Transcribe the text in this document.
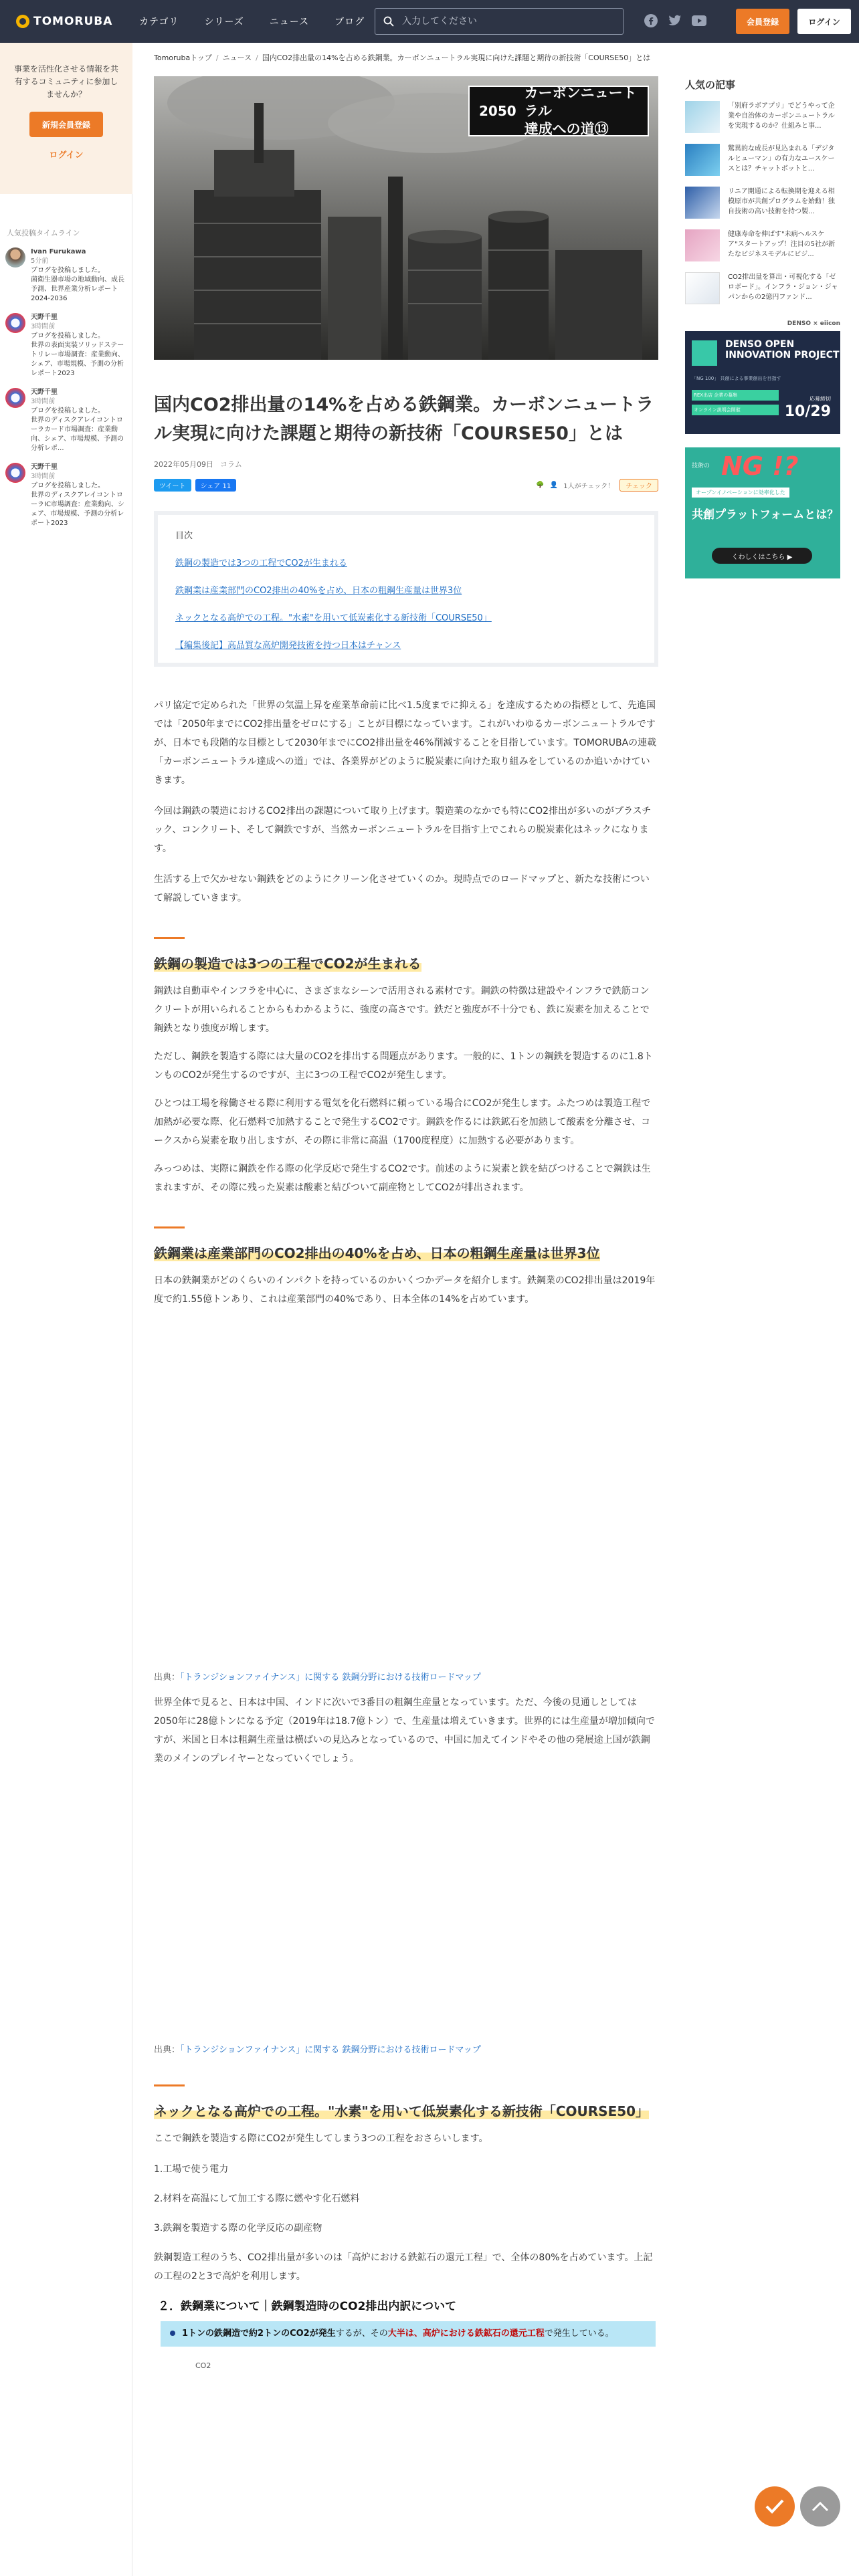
TOMORUBA	カテゴリ	シリーズ	ニュース	ブログ
入力してください	会員登録	ログイン
事業を活性化させる情報を共有するコミュニティに参加しませんか？
新規会員登録
ログイン
人気投稿タイムライン
Ivan Furukawa
5分前
ブログを投稿しました。
菌衛生器市場の地域動向、成長予測、世界産業分析レポート 2024-2036
天野千里
3時間前
ブログを投稿しました。
世界の表面実装ソリッドステートリレー市場調査：産業動向、シェア、市場規模、予測の分析レポート2023
天野千里
3時間前
ブログを投稿しました。
世界のディスクアレイコントローラカード市場調査：産業動向、シェア、市場規模、予測の分析レポ...
天野千里
3時間前
ブログを投稿しました。
世界のディスクアレイコントローラIC市場調査：産業動向、シェア、市場規模、予測の分析レポート2023
Tomorubaトップ / ニュース / 国内CO2排出量の14%を占める鉄鋼業。カーボンニュートラル実現に向けた課題と期待の新技術「COURSE50」とは
2050
カーボンニュートラル
達成への道⑬
国内CO2排出量の14%を占める鉄鋼業。カーボンニュートラル実現に向けた課題と期待の新技術「COURSE50」とは
2022年05月09日 コラム
ツイート	シェア 11	🌳 👤 1人がチェック！	チェック
目次
鉄鋼の製造では3つの工程でCO2が生まれる
鉄鋼業は産業部門のCO2排出の40%を占め、日本の粗鋼生産量は世界3位
ネックとなる高炉での工程。"水素"を用いて低炭素化する新技術「COURSE50」
【編集後記】高品質な高炉開発技術を持つ日本はチャンス

パリ協定で定められた「世界の気温上昇を産業革命前に比べ1.5度までに抑える」を達成するための指標として、先進国では「2050年までにCO2排出量をゼロにする」ことが目標になっています。これがいわゆるカーボンニュートラルですが、日本でも段階的な目標として2030年までにCO2排出量を46%削減することを目指しています。TOMORUBAの連載「カーボンニュートラル達成への道」では、各業界がどのように脱炭素に向けた取り組みをしているのか追いかけていきます。

今回は鋼鉄の製造におけるCO2排出の課題について取り上げます。製造業のなかでも特にCO2排出が多いのがプラスチック、コンクリート、そして鋼鉄ですが、当然カーボンニュートラルを目指す上でこれらの脱炭素化はネックになります。

生活する上で欠かせない鋼鉄をどのようにクリーン化させていくのか。現時点でのロードマップと、新たな技術について解説していきます。

鉄鋼の製造では3つの工程でCO2が生まれる

鋼鉄は自動車やインフラを中心に、さまざまなシーンで活用される素材です。鋼鉄の特徴は建設やインフラで鉄筋コンクリートが用いられることからもわかるように、強度の高さです。鉄だと強度が不十分でも、鉄に炭素を加えることで鋼鉄となり強度が増します。

ただし、鋼鉄を製造する際には大量のCO2を排出する問題点があります。一般的に、1トンの鋼鉄を製造するのに1.8トンものCO2が発生するのですが、主に3つの工程でCO2が発生します。

ひとつは工場を稼働させる際に利用する電気を化石燃料に頼っている場合にCO2が発生します。ふたつめは製造工程で加熱が必要な際、化石燃料で加熱することで発生するCO2です。鋼鉄を作るには鉄鉱石を加熱して酸素を分離させ、コークスから炭素を取り出しますが、その際に非常に高温（1700度程度）に加熱する必要があります。

みっつめは、実際に鋼鉄を作る際の化学反応で発生するCO2です。前述のように炭素と鉄を結びつけることで鋼鉄は生まれますが、その際に残った炭素は酸素と結びついて副産物としてCO2が排出されます。

鉄鋼業は産業部門のCO2排出の40%を占め、日本の粗鋼生産量は世界3位

日本の鉄鋼業がどのくらいのインパクトを持っているのかいくつかデータを紹介します。鉄鋼業のCO2排出量は2019年度で約1.55億トンあり、これは産業部門の40%であり、日本全体の14%を占めています。

出典：「トランジションファイナンス」に関する 鉄鋼分野における技術ロードマップ

世界全体で見ると、日本は中国、インドに次いで3番目の粗鋼生産量となっています。ただ、今後の見通しとしては2050年に28億トンになる予定（2019年は18.7億トン）で、生産量は増えていきます。世界的には生産量が増加傾向ですが、米国と日本は粗鋼生産量は横ばいの見込みとなっているので、中国に加えてインドやその他の発展途上国が鉄鋼業のメインのプレイヤーとなっていくでしょう。

出典：「トランジションファイナンス」に関する 鉄鋼分野における技術ロードマップ
ネックとなる高炉での工程。"水素"を用いて低炭素化する新技術「COURSE50」

ここで鋼鉄を製造する際にCO2が発生してしまう3つの工程をおさらいします。

1.工場で使う電力
2.材料を高温にして加工する際に燃やす化石燃料
3.鉄鋼を製造する際の化学反応の副産物

鉄鋼製造工程のうち、CO2排出量が多いのは「高炉における鉄鉱石の還元工程」で、全体の80%を占めています。上記の工程の2と3で高炉を利用します。

２．鉄鋼業について｜鉄鋼製造時のCO2排出内訳について
1トンの鉄鋼造で約2トンのCO2が発生するが、その大半は、高炉における鉄鉱石の還元工程で発生している。
CO2
人気の記事
「別府ラボアプリ」でどうやって企業や自治体のカーボンニュートラルを実現するのか？仕組みと事...
驚異的な成長が見込まれる「デジタルヒューマン」の有力なユースケースとは？チャットボットと...
リニア開通による転換期を迎える相模原市が共創プログラムを始動！独自技術の高い技術を持つ製...
健康寿命を伸ばす"未病ヘルスケア"スタートアップ！注目の5社が新たなビジネスモデルにビジ...
CO2排出量を算出・可視化する「ゼロボード」。インフラ・ジョン・ジャパンからの2億円ファンド...
DENSO × eiicon
DENSO OPEN INNOVATION PROJECT
「NG 100」 共創による事業創出を目指す
REX出店 企業の募集
オンライン説明会開催
応募締切
10/29
技術の NG !?
オープンイノベーションに効率化した
共創プラットフォームとは？
くわしくはこちら ▶
